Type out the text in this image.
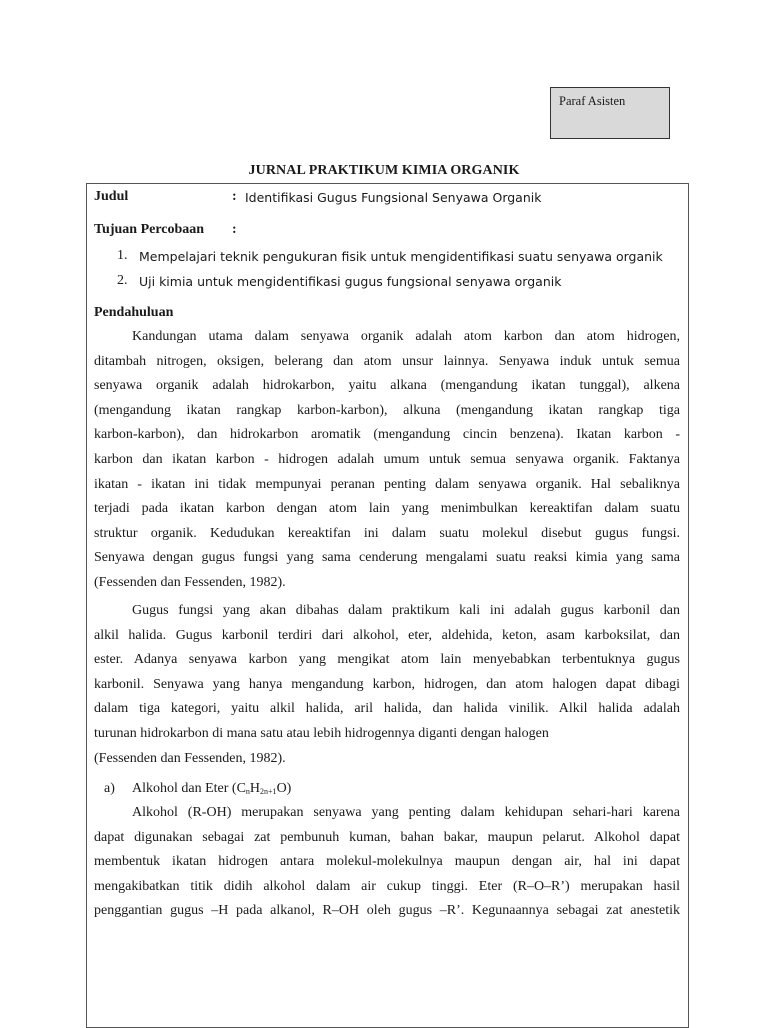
Paraf Asisten
JURNAL PRAKTIKUM KIMIA ORGANIK
Judul	: Identifikasi Gugus Fungsional Senyawa Organik
Tujuan Percobaan :
1. Mempelajari teknik pengukuran fisik untuk mengidentifikasi suatu senyawa organik
2. Uji kimia untuk mengidentifikasi gugus fungsional senyawa organik
Pendahuluan
Kandungan utama dalam senyawa organik adalah atom karbon dan atom hidrogen,
ditambah nitrogen, oksigen, belerang dan atom unsur lainnya. Senyawa induk untuk semua
senyawa organik adalah hidrokarbon, yaitu alkana (mengandung ikatan tunggal), alkena
(mengandung ikatan rangkap karbon-karbon), alkuna (mengandung ikatan rangkap tiga
karbon-karbon), dan hidrokarbon aromatik (mengandung cincin benzena). Ikatan karbon -
karbon dan ikatan karbon - hidrogen adalah umum untuk semua senyawa organik. Faktanya
ikatan - ikatan ini tidak mempunyai peranan penting dalam senyawa organik. Hal sebaliknya
terjadi pada ikatan karbon dengan atom lain yang menimbulkan kereaktifan dalam suatu
struktur organik. Kedudukan kereaktifan ini dalam suatu molekul disebut gugus fungsi.
Senyawa dengan gugus fungsi yang sama cenderung mengalami suatu reaksi kimia yang sama
(Fessenden dan Fessenden, 1982).
Gugus fungsi yang akan dibahas dalam praktikum kali ini adalah gugus karbonil dan
alkil halida. Gugus karbonil terdiri dari alkohol, eter, aldehida, keton, asam karboksilat, dan
ester. Adanya senyawa karbon yang mengikat atom lain menyebabkan terbentuknya gugus
karbonil. Senyawa yang hanya mengandung karbon, hidrogen, dan atom halogen dapat dibagi
dalam tiga kategori, yaitu alkil halida, aril halida, dan halida vinilik. Alkil halida adalah
turunan hidrokarbon di mana satu atau lebih hidrogennya diganti dengan halogen
(Fessenden dan Fessenden, 1982).
a) Alkohol dan Eter $(C_nH_{2n+1}O)$
Alkohol (R-OH) merupakan senyawa yang penting dalam kehidupan sehari-hari karena
dapat digunakan sebagai zat pembunuh kuman, bahan bakar, maupun pelarut. Alkohol dapat
membentuk ikatan hidrogen antara molekul-molekulnya maupun dengan air, hal ini dapat
mengakibatkan titik didih alkohol dalam air cukup tinggi. Eter (R–O–R’) merupakan hasil
penggantian gugus –H pada alkanol, R–OH oleh gugus –R’. Kegunaannya sebagai zat anestetik
